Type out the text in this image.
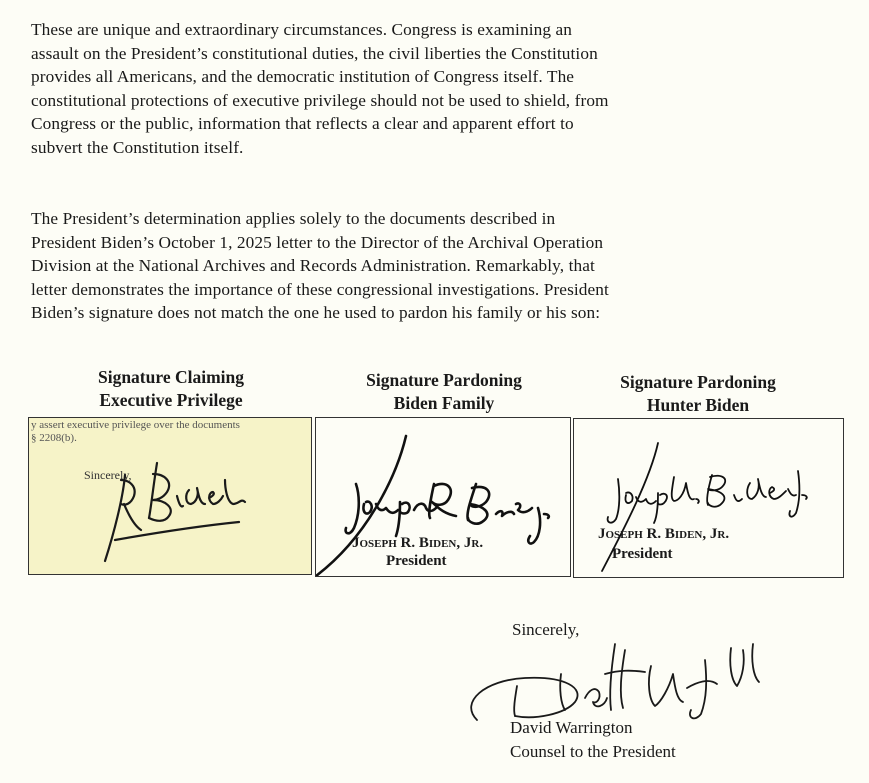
These are unique and extraordinary circumstances. Congress is examining an
assault on the President’s constitutional duties, the civil liberties the Constitution
provides all Americans, and the democratic institution of Congress itself. The
constitutional protections of executive privilege should not be used to shield, from
Congress or the public, information that reflects a clear and apparent effort to
subvert the Constitution itself.
The President’s determination applies solely to the documents described in
President Biden’s October 1, 2025 letter to the Director of the Archival Operation
Division at the National Archives and Records Administration. Remarkably, that
letter demonstrates the importance of these congressional investigations. President
Biden’s signature does not match the one he used to pardon his family or his son:
Signature Claiming
Executive Privilege
Signature Pardoning
Biden Family
Signature Pardoning
Hunter Biden
y assert executive privilege over the documents
§ 2208(b).
Sincerely,
Joseph R. Biden, Jr.
President
Joseph R. Biden, Jr.
President
Sincerely,
David Warrington
Counsel to the President
